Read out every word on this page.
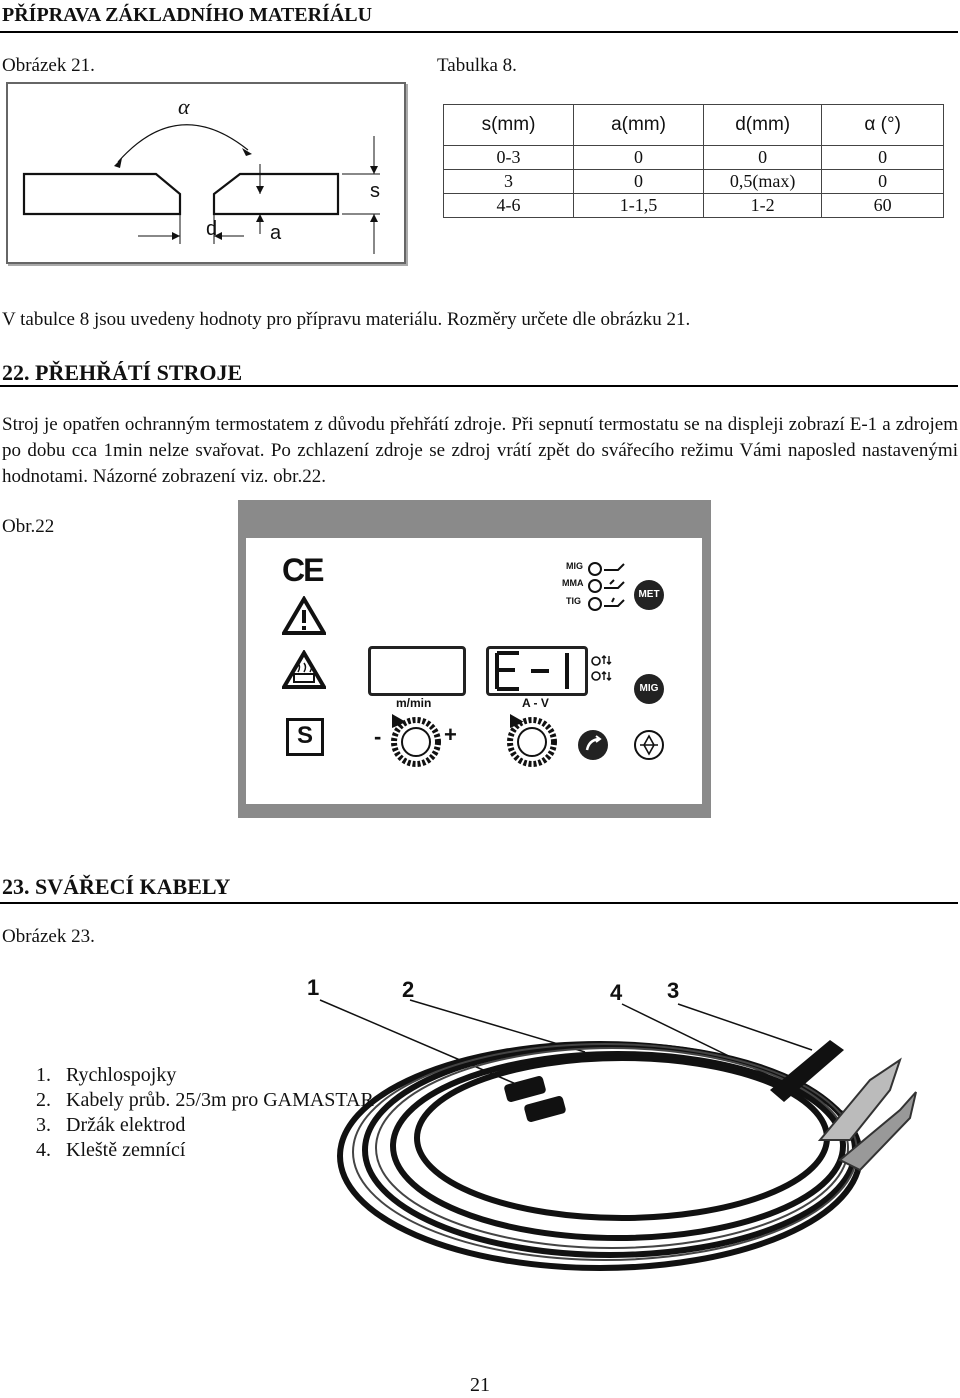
PŘÍPRAVA ZÁKLADNÍHO MATERÍÁLU
Obrázek 21.	Tabulka 8.
α
s
d	a
s(mm)	a(mm)	d(mm)	α (°)
0-3	0	0	0
3	0	0,5(max)	0
4-6	1-1,5	1-2	60
V tabulce 8 jsou uvedeny hodnoty pro přípravu materiálu. Rozměry určete dle obrázku 21.
22. PŘEHŘÁTÍ STROJE
Stroj je opatřen ochranným termostatem z důvodu přehřátí zdroje. Při sepnutí termostatu se na displeji zobrazí E-1 a zdrojem po dobu cca 1min nelze svařovat. Po zchlazení zdroje se zdroj vrátí zpět do svářecího režimu Vámi naposled nastavenými hodnotami. Názorné zobrazení viz. obr.22.
Obr.22
CE
S
MIG
MMA
TIG
MET
MIG
m/min	A - V
-	+
23. SVÁŘECÍ KABELY
Obrázek 23.
1	2	4 3
1. Rychlospojky
2. Kabely průb. 25/3m pro GAMASTAR
3. Držák elektrod
4. Kleště zemnící
21
